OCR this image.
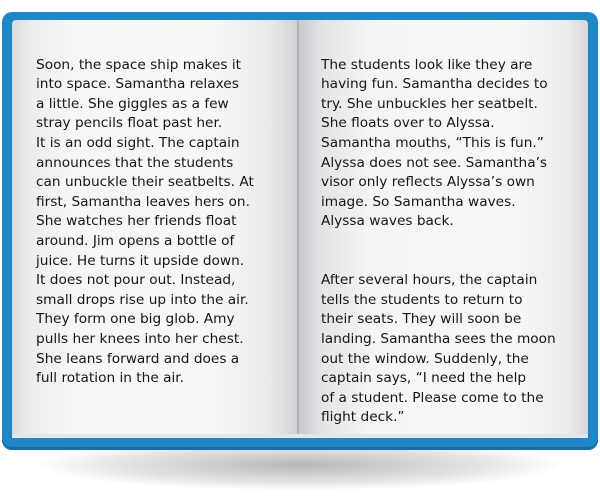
Soon, the space ship makes it
into space. Samantha relaxes
a little. She giggles as a few
stray pencils float past her.
It is an odd sight. The captain
announces that the students
can unbuckle their seatbelts. At
first, Samantha leaves hers on.
She watches her friends float
around. Jim opens a bottle of
juice. He turns it upside down.
It does not pour out. Instead,
small drops rise up into the air.
They form one big glob. Amy
pulls her knees into her chest.
She leans forward and does a
full rotation in the air.

The students look like they are
having fun. Samantha decides to
try. She unbuckles her seatbelt.
She floats over to Alyssa.
Samantha mouths, “This is fun.”
Alyssa does not see. Samantha’s
visor only reflects Alyssa’s own
image. So Samantha waves.
Alyssa waves back.

After several hours, the captain
tells the students to return to
their seats. They will soon be
landing. Samantha sees the moon
out the window. Suddenly, the
captain says, “I need the help
of a student. Please come to the
flight deck.”
